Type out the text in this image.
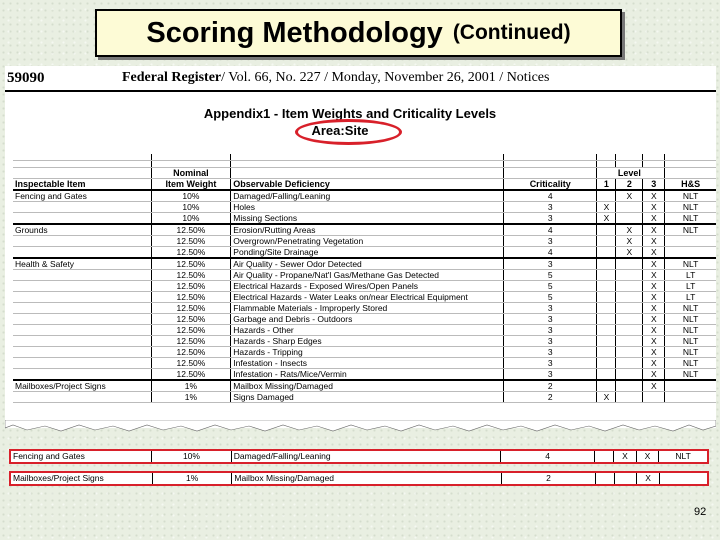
Scoring Methodology (Continued)
59090	Federal Register/ Vol. 66, No. 227 / Monday, November 26, 2001 / Notices
Appendix1 - Item Weights and Criticality Levels
Area:Site

	Nominal				Level		
Inspectable Item	Item Weight	Observable Deficiency	Criticality	1	2	3	H&S
Fencing and Gates	10%	Damaged/Falling/Leaning	4		X	X	NLT
	10%	Holes	3	X		X	NLT
	10%	Missing Sections	3	X		X	NLT
Grounds	12.50%	Erosion/Rutting Areas	4		X	X	NLT
	12.50%	Overgrown/Penetrating Vegetation	3		X	X	
	12.50%	Ponding/Site Drainage	4		X	X	
Health & Safety	12.50%	Air Quality - Sewer Odor Detected	3			X	NLT
	12.50%	Air Quality - Propane/Nat'l Gas/Methane Gas Detected	5			X	LT
	12.50%	Electrical Hazards - Exposed Wires/Open Panels	5			X	LT
	12.50%	Electrical Hazards - Water Leaks on/near Electrical Equipment	5			X	LT
	12.50%	Flammable Materials - Improperly Stored	3			X	NLT
	12.50%	Garbage and Debris - Outdoors	3			X	NLT
	12.50%	Hazards - Other	3			X	NLT
	12.50%	Hazards - Sharp Edges	3			X	NLT
	12.50%	Hazards - Tripping	3			X	NLT
	12.50%	Infestation - Insects	3			X	NLT
	12.50%	Infestation - Rats/Mice/Vermin	3			X	NLT
Mailboxes/Project Signs	1%	Mailbox Missing/Damaged	2			X	
	1%	Signs Damaged	2	X			
Fencing and Gates	10%	Damaged/Falling/Leaning	4		X	X	NLT
Mailboxes/Project Signs	1%	Mailbox Missing/Damaged	2			X	
92
